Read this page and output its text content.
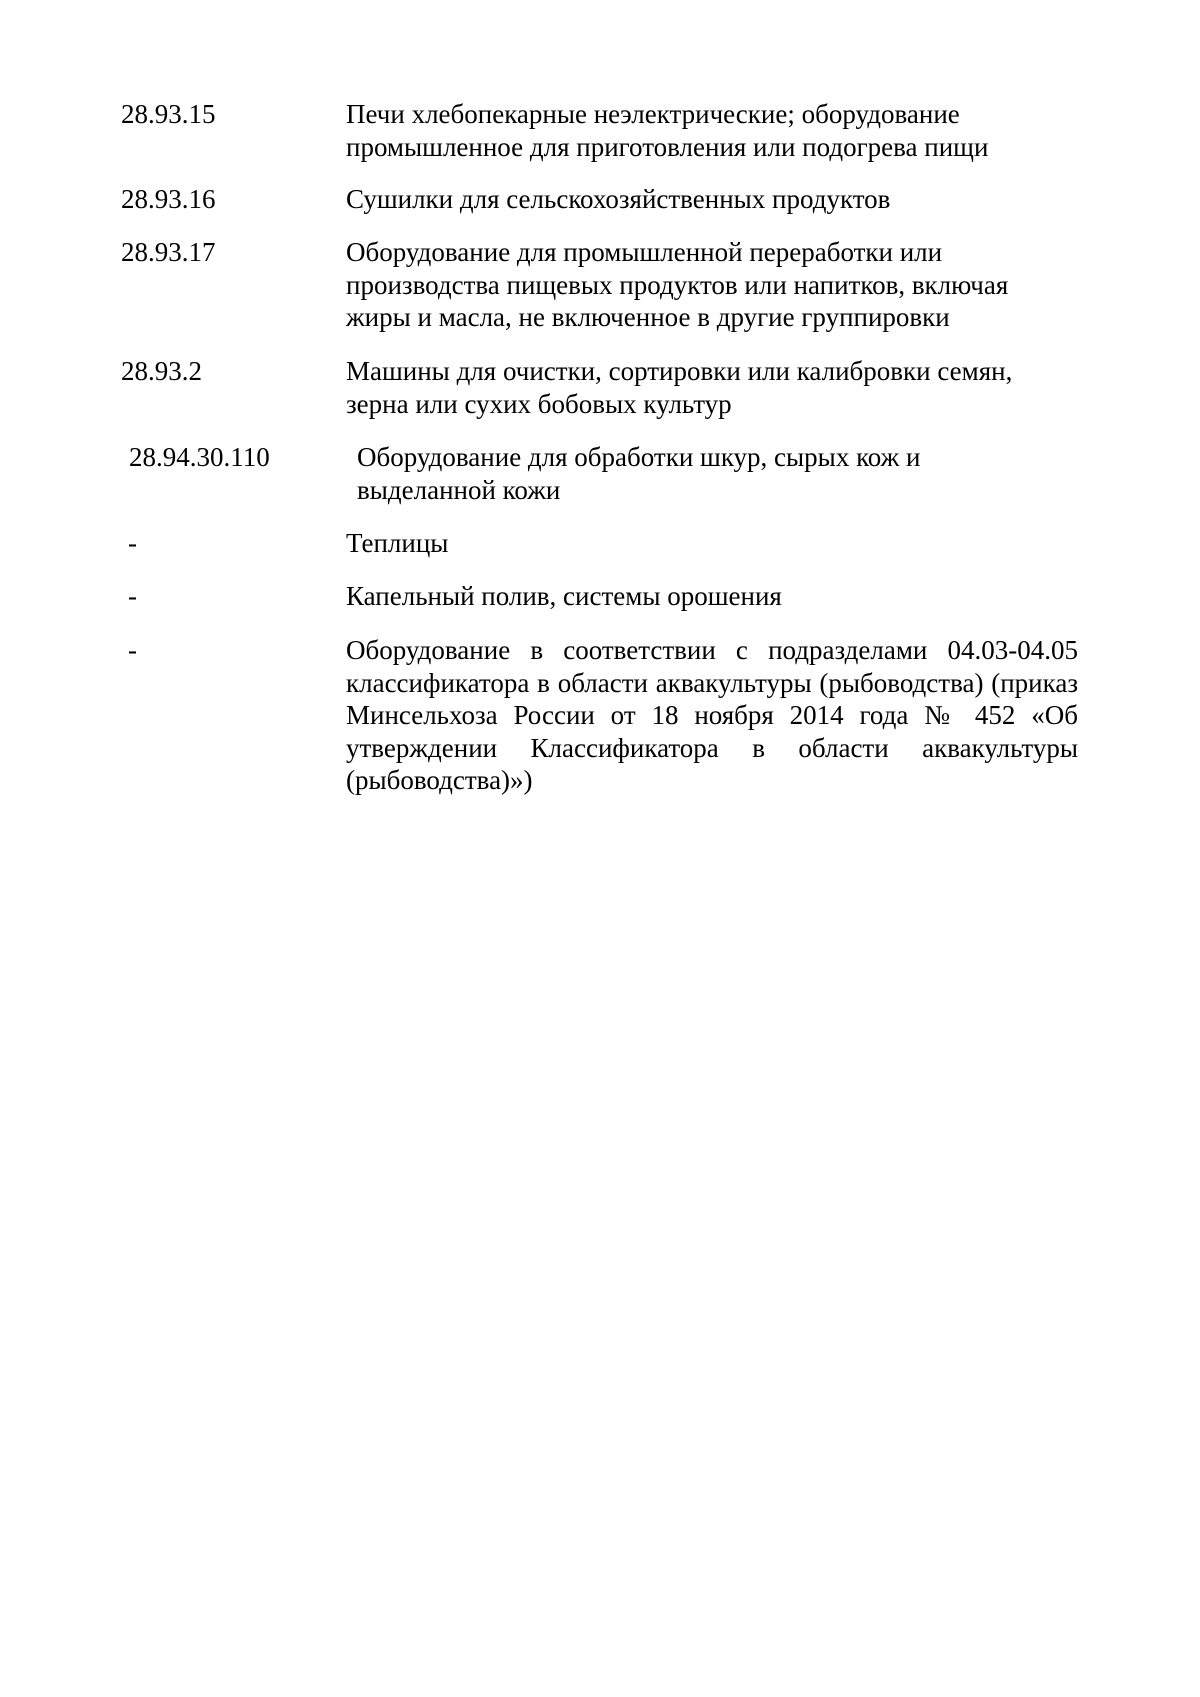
28.93.15	Печи хлебопекарные неэлектрические; оборудование промышленное для приготовления или подогрева пищи
28.93.16	Сушилки для сельскохозяйственных продуктов
28.93.17	Оборудование для промышленной переработки или производства пищевых продуктов или напитков, включая жиры и масла, не включенное в другие группировки
28.93.2	Машины для очистки, сортировки или калибровки семян, зерна или сухих бобовых культур
28.94.30.110	Оборудование для обработки шкур, сырых кож и выделанной кожи
-	Теплицы
-	Капельный полив, системы орошения
-	Оборудование в соответствии с подразделами 04.03-04.05 классификатора в области аквакультуры (рыбоводства) (приказ Минсельхоза России от 18 ноября 2014 года № 452 «Об утверждении Классификатора в области аквакультуры (рыбоводства)»)
